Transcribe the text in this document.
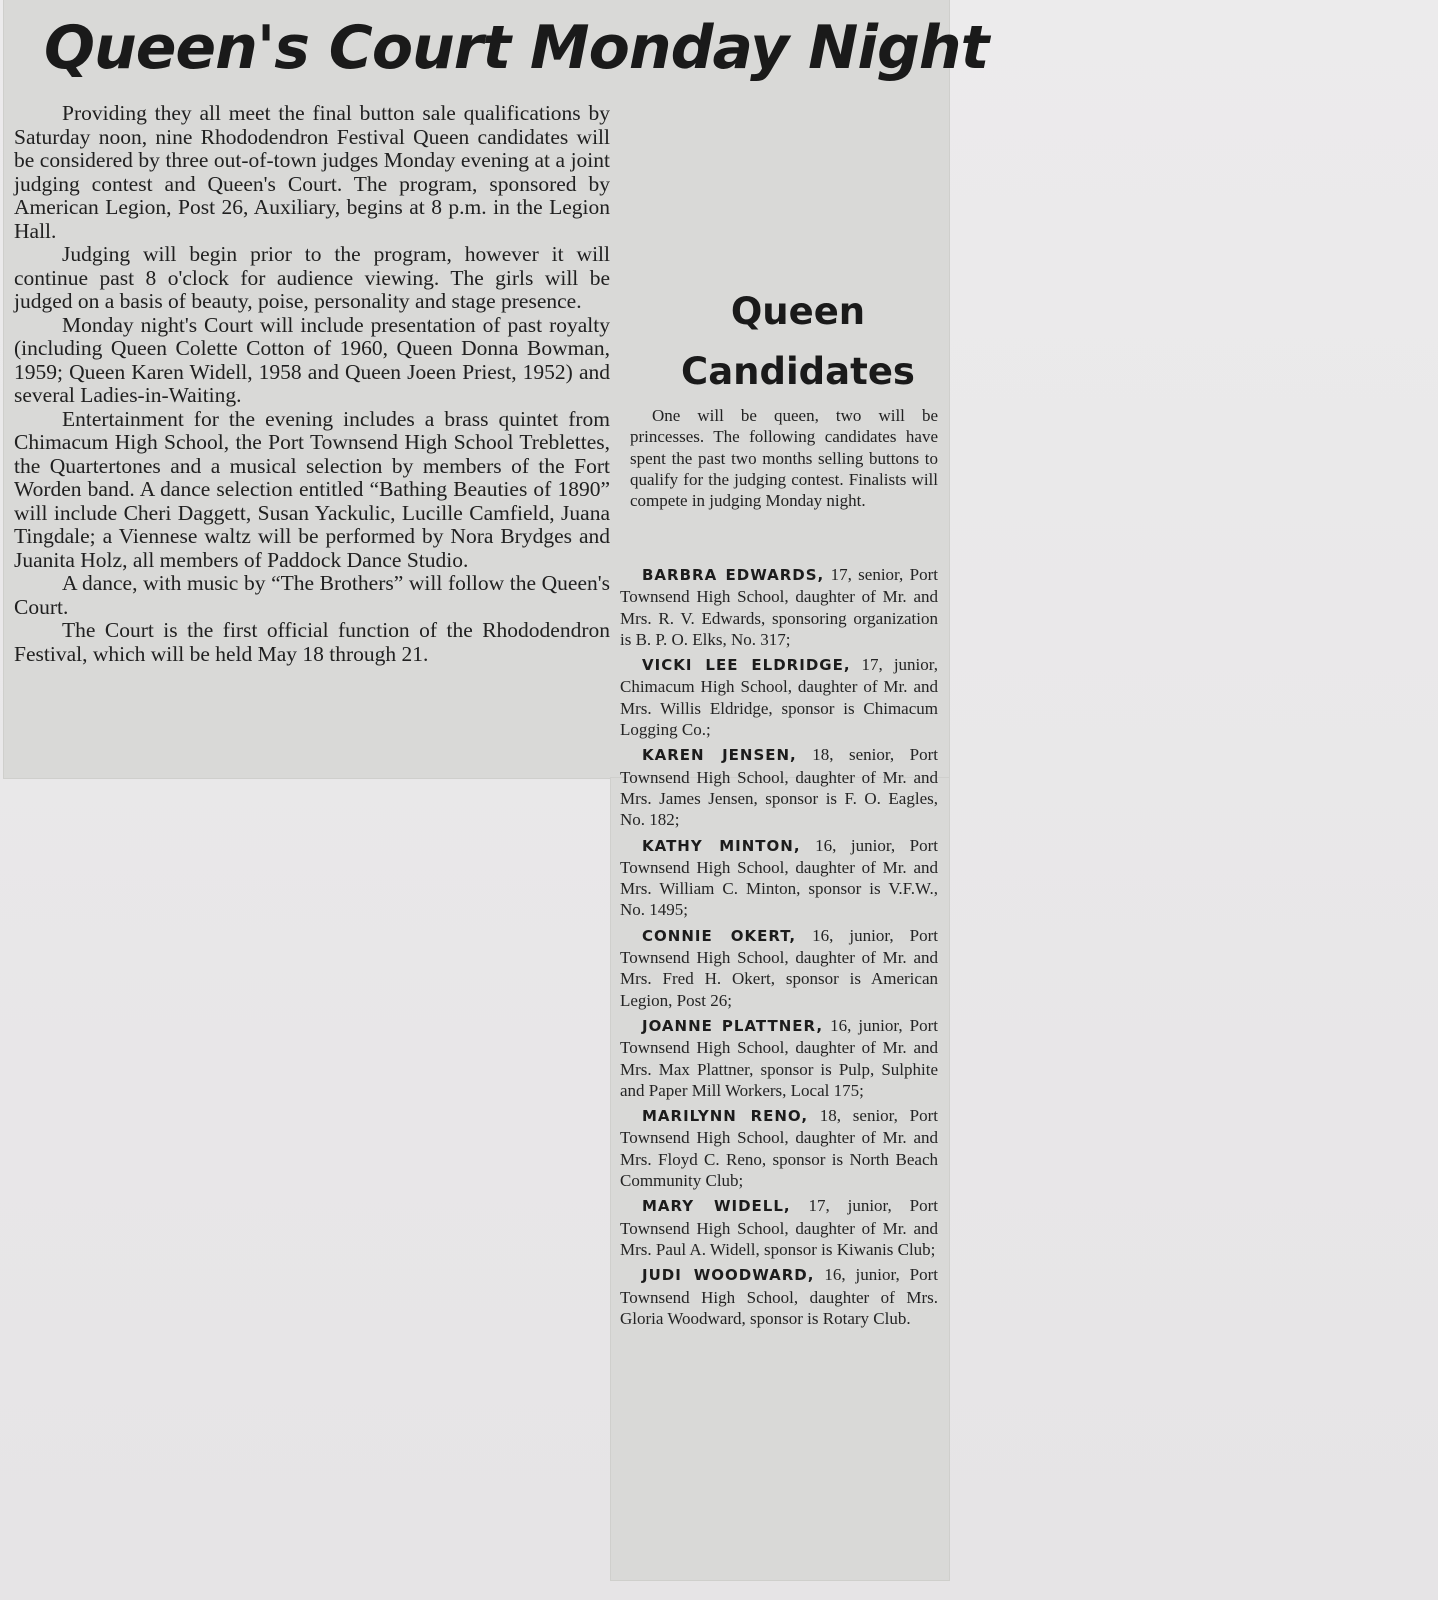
Queen's Court Monday Night

Providing they all meet the final button sale qualifications by Saturday noon, nine Rhododendron Festival Queen candidates will be considered by three out-of-town judges Monday evening at a joint judging contest and Queen's Court. The program, sponsored by American Legion, Post 26, Auxiliary, begins at 8 p.m. in the Legion Hall.

Judging will begin prior to the program, however it will continue past 8 o'clock for audience viewing. The girls will be judged on a basis of beauty, poise, personality and stage presence.

Monday night's Court will include presentation of past royalty (including Queen Colette Cotton of 1960, Queen Donna Bowman, 1959; Queen Karen Widell, 1958 and Queen Joeen Priest, 1952) and several Ladies-in-Waiting.

Entertainment for the evening includes a brass quintet from Chimacum High School, the Port Townsend High School Treblettes, the Quartertones and a musical selection by members of the Fort Worden band. A dance selection entitled “Bathing Beauties of 1890” will include Cheri Daggett, Susan Yackulic, Lucille Camfield, Juana Tingdale; a Viennese waltz will be performed by Nora Brydges and Juanita Holz, all members of Paddock Dance Studio.

A dance, with music by “The Brothers” will follow the Queen's Court.

The Court is the first official function of the Rhododendron Festival, which will be held May 18 through 21.

Queen
Candidates

One will be queen, two will be princesses. The following candidates have spent the past two months selling buttons to qualify for the judging contest. Finalists will compete in judging Monday night.

BARBRA EDWARDS, 17, senior, Port Townsend High School, daughter of Mr. and Mrs. R. V. Edwards, sponsoring organization is B. P. O. Elks, No. 317;

VICKI LEE ELDRIDGE, 17, junior, Chimacum High School, daughter of Mr. and Mrs. Willis Eldridge, sponsor is Chimacum Logging Co.;

KAREN JENSEN, 18, senior, Port Townsend High School, daughter of Mr. and Mrs. James Jensen, sponsor is F. O. Eagles, No. 182;

KATHY MINTON, 16, junior, Port Townsend High School, daughter of Mr. and Mrs. William C. Minton, sponsor is V.F.W., No. 1495;

CONNIE OKERT, 16, junior, Port Townsend High School, daughter of Mr. and Mrs. Fred H. Okert, sponsor is American Legion, Post 26;

JOANNE PLATTNER, 16, junior, Port Townsend High School, daughter of Mr. and Mrs. Max Plattner, sponsor is Pulp, Sulphite and Paper Mill Workers, Local 175;

MARILYNN RENO, 18, senior, Port Townsend High School, daughter of Mr. and Mrs. Floyd C. Reno, sponsor is North Beach Community Club;

MARY WIDELL, 17, junior, Port Townsend High School, daughter of Mr. and Mrs. Paul A. Widell, sponsor is Kiwanis Club;

JUDI WOODWARD, 16, junior, Port Townsend High School, daughter of Mrs. Gloria Woodward, sponsor is Rotary Club.
